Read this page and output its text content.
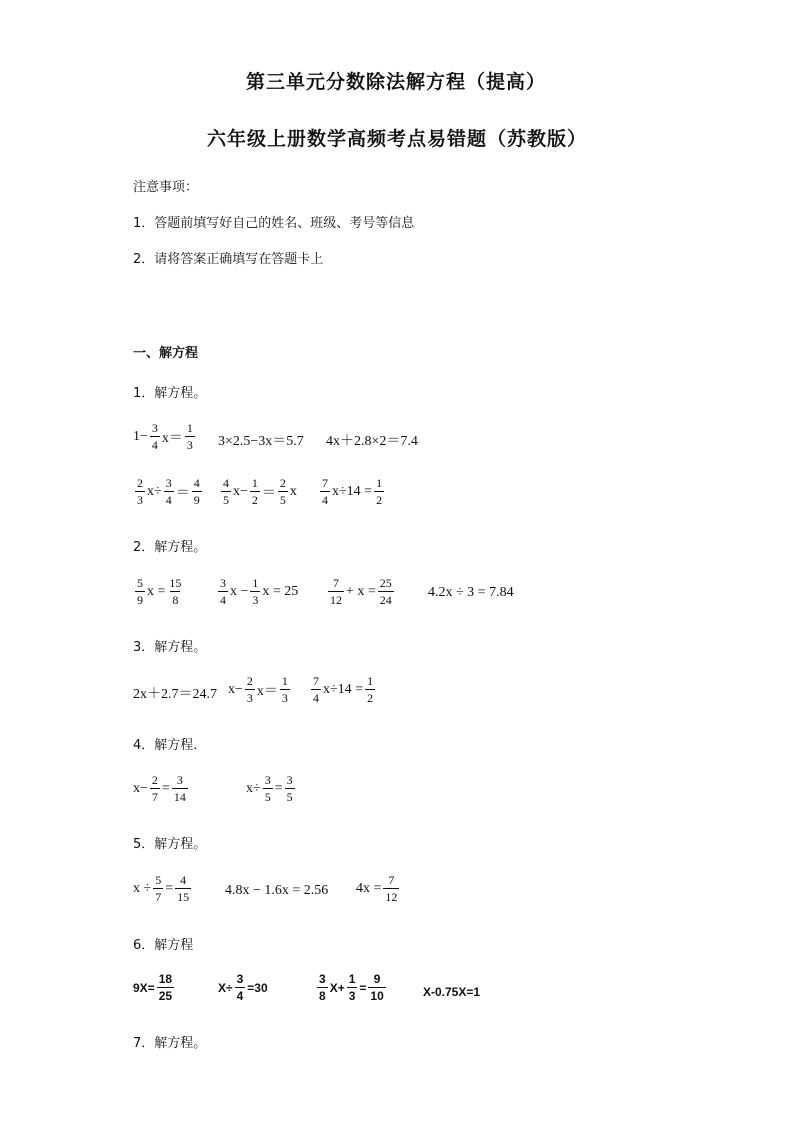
第三单元分数除法解方程（提高）
六年级上册数学高频考点易错题（苏教版）
注意事项：
1．答题前填写好自己的姓名、班级、考号等信息
2．请将答案正确填写在答题卡上
一、解方程
1．解方程。
$1- \frac{3}{4} x=$
1
3 3×2.5−3x＝5.7 4x＋2.8×2＝7.4
2
3
$x\div \frac{3}{4}$ ＝
4
9
4
5
$x- \frac{1}{2}$ ＝
2
5
x
7
4
$x\div 14 = \frac{1}{2}$
2．解方程。
5
9
$x = \frac{15}{8}$	3
4
$x - \frac{1}{3}$ x = 25
7
12
+ $x = \frac{25}{24} 4.2x \div 3 = 7.84$
3．解方程。
2x＋2.7＝24.7 $x- \frac{2}{3} x=$
1
3
7
4
$x\div 14 = \frac{1}{2}$
4．解方程．
$x- \frac{2}{7} = \frac{3}{14}$	$x\div \frac{3}{5} = \frac{3}{5}$
5．解方程。
$x \div \frac{5}{7} = \frac{4}{15} 4.8x - 1.6x = 2.56$ $4x = \frac{7}{12}$
6．解方程
$9X= \frac{18}{25}$	$X\div \frac{3}{4} =30$
3
8
$X+ \frac{1}{3} = \frac{9}{10}$	X-0.75X=1
7．解方程。
